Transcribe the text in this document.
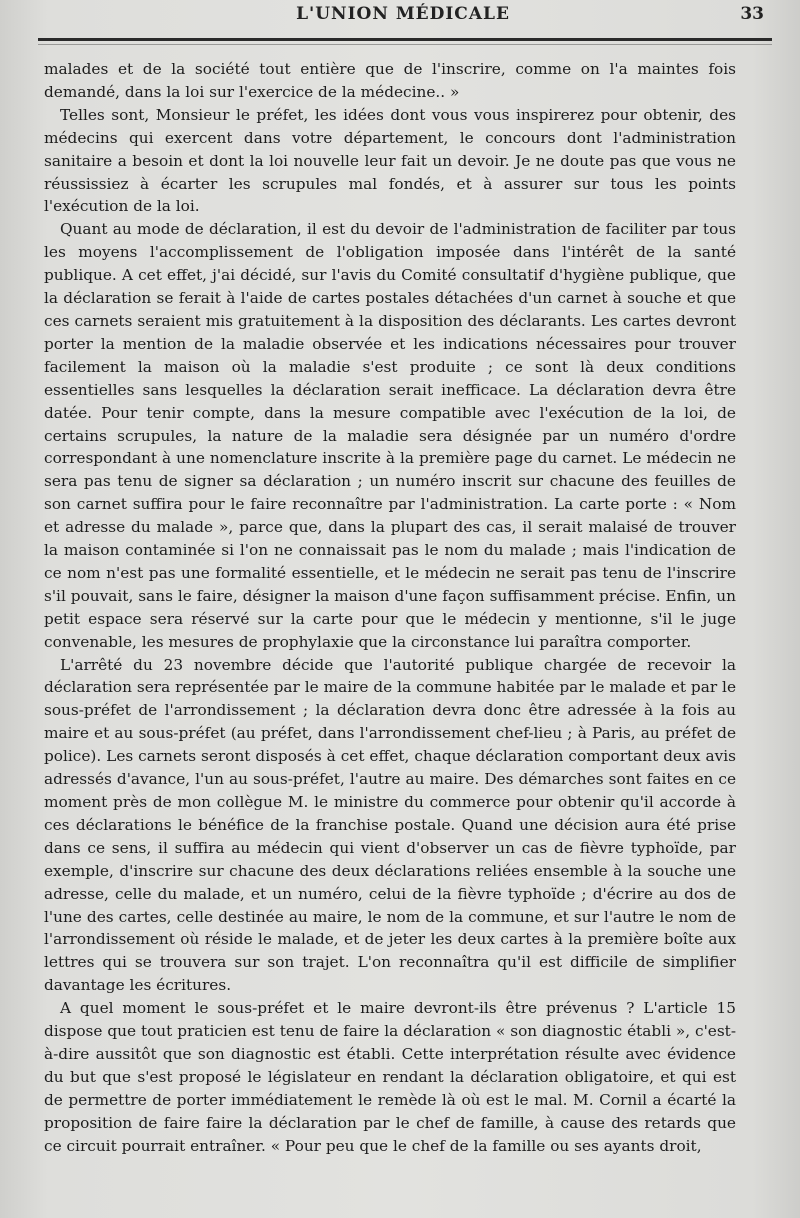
L'UNION MÉDICALE	33

malades et de la société tout entière que de l'inscrire, comme on l'a maintes fois demandé, dans la loi sur l'exercice de la médecine.. »

Telles sont, Monsieur le préfet, les idées dont vous vous inspirerez pour obtenir, des médecins qui exercent dans votre département, le concours dont l'administration sanitaire a besoin et dont la loi nouvelle leur fait un devoir. Je ne doute pas que vous ne réussissiez à écarter les scrupules mal fondés, et à assurer sur tous les points l'exécution de la loi.

Quant au mode de déclaration, il est du devoir de l'administration de faciliter par tous les moyens l'accomplissement de l'obligation imposée dans l'intérêt de la santé publique. A cet effet, j'ai décidé, sur l'avis du Comité consultatif d'hygiène publique, que la déclaration se ferait à l'aide de cartes postales détachées d'un carnet à souche et que ces carnets seraient mis gratuitement à la disposition des déclarants. Les cartes devront porter la mention de la maladie observée et les indications nécessaires pour trouver facilement la maison où la maladie s'est produite ; ce sont là deux conditions essentielles sans lesquelles la déclaration serait inefficace. La déclaration devra être datée. Pour tenir compte, dans la mesure compatible avec l'exécution de la loi, de certains scrupules, la nature de la maladie sera désignée par un numéro d'ordre correspondant à une nomenclature inscrite à la première page du carnet. Le médecin ne sera pas tenu de signer sa déclaration ; un numéro inscrit sur chacune des feuilles de son carnet suffira pour le faire reconnaître par l'administration. La carte porte : « Nom et adresse du malade », parce que, dans la plupart des cas, il serait malaisé de trouver la maison contaminée si l'on ne connaissait pas le nom du malade ; mais l'indication de ce nom n'est pas une formalité essentielle, et le médecin ne serait pas tenu de l'inscrire s'il pouvait, sans le faire, désigner la maison d'une façon suffisamment précise. Enfin, un petit espace sera réservé sur la carte pour que le médecin y mentionne, s'il le juge convenable, les mesures de prophylaxie que la circonstance lui paraîtra comporter.

L'arrêté du 23 novembre décide que l'autorité publique chargée de recevoir la déclaration sera représentée par le maire de la commune habitée par le malade et par le sous-préfet de l'arrondissement ; la déclaration devra donc être adressée à la fois au maire et au sous-préfet (au préfet, dans l'arrondissement chef-lieu ; à Paris, au préfet de police). Les carnets seront disposés à cet effet, chaque déclaration comportant deux avis adressés d'avance, l'un au sous-préfet, l'autre au maire. Des démarches sont faites en ce moment près de mon collègue M. le ministre du commerce pour obtenir qu'il accorde à ces déclarations le bénéfice de la franchise postale. Quand une décision aura été prise dans ce sens, il suffira au médecin qui vient d'observer un cas de fièvre typhoïde, par exemple, d'inscrire sur chacune des deux déclarations reliées ensemble à la souche une adresse, celle du malade, et un numéro, celui de la fièvre typhoïde ; d'écrire au dos de l'une des cartes, celle destinée au maire, le nom de la commune, et sur l'autre le nom de l'arrondissement où réside le malade, et de jeter les deux cartes à la première boîte aux lettres qui se trouvera sur son trajet. L'on reconnaîtra qu'il est difficile de simplifier davantage les écritures.

A quel moment le sous-préfet et le maire devront-ils être prévenus ? L'article 15 dispose que tout praticien est tenu de faire la déclaration « son diagnostic établi », c'est-à-dire aussitôt que son diagnostic est établi. Cette interprétation résulte avec évidence du but que s'est proposé le législateur en rendant la déclaration obligatoire, et qui est de permettre de porter immédiatement le remède là où est le mal. M. Cornil a écarté la proposition de faire faire la déclaration par le chef de famille, à cause des retards que ce circuit pourrait entraîner. « Pour peu que le chef de la famille ou ses ayants droit,
